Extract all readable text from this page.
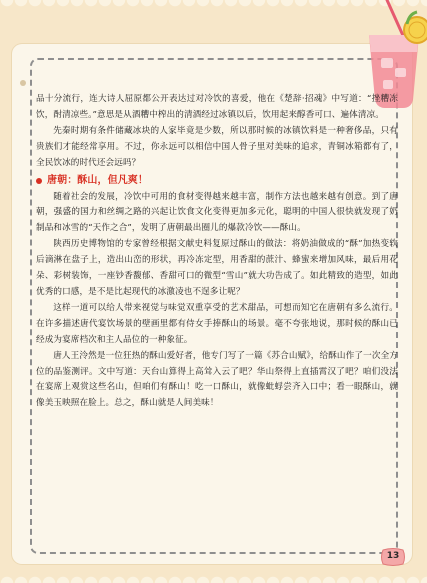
品十分流行，连大诗人屈原都公开表达过对冷饮的喜爱，他在《楚辞·招魂》中写道：“挫糟冻饮，酎清凉些。”意思是从酒糟中榨出的清酒经过冰镇以后，饮用起来醇香可口、遍体清凉。

先秦时期有条件储藏冰块的人家毕竟是少数，所以那时候的冰镇饮料是一种奢侈品，只有贵族们才能经常享用。不过，你永远可以相信中国人骨子里对美味的追求，青铜冰箱都有了，全民饮冰的时代还会远吗？

唐朝：酥山，但凡爽！

随着社会的发展，冷饮中可用的食材变得越来越丰富，制作方法也越来越有创意。到了唐朝，强盛的国力和丝绸之路的兴起让饮食文化变得更加多元化，聪明的中国人很快就发现了奶制品和冰雪的“天作之合”，发明了唐朝最出圈儿的爆款冷饮——酥山。

陕西历史博物馆的专家曾经根据文献史料复原过酥山的做法：将奶油做成的“酥”加热变软后滴淋在盘子上，造出山峦的形状，再冷冻定型，用香甜的蔗汁、蜂蜜来增加风味，最后用花朵、彩树装饰，一座钞香馥郁、香甜可口的微型“雪山”就大功告成了。如此精致的造型，如此优秀的口感，是不是比起现代的冰激凌也不逞多让呢？

这样一道可以给人带来视觉与味觉双重享受的艺术甜品，可想而知它在唐朝有多么流行。在许多描述唐代宴饮场景的壁画里都有侍女手捧酥山的场景。毫不夸张地说，那时候的酥山已经成为宴席档次和主人品位的一种象征。

唐人王泠然是一位狂热的酥山爱好者，他专门写了一篇《苏合山赋》，给酥山作了一次全方位的品鉴测评。文中写道：天台山算得上高耸入云了吧？华山祭得上直插霄汉了吧？咱们没法在宴席上观赏这些名山，但咱们有酥山！吃一口酥山，就像蚍蜉尝齐入口中；看一眼酥山，就像美玉映照在脸上。总之，酥山就是人间美味！

13
